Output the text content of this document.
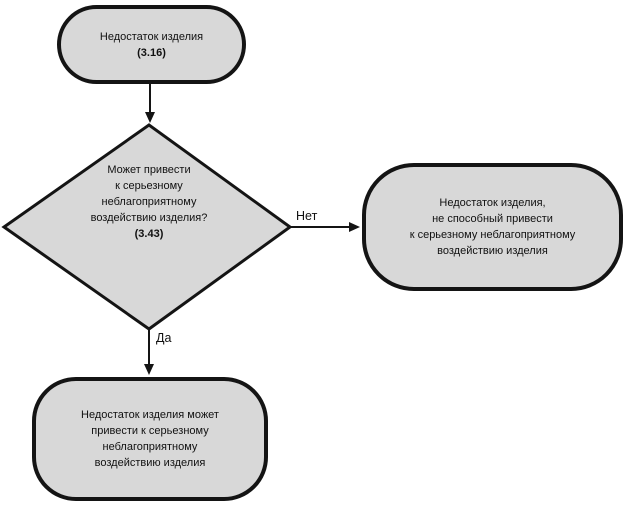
Недостаток изделия
(3.16)
Может привести
к серьезному
неблагоприятному
воздействию изделия?
(3.43)
Недостаток изделия,
не способный привести
к серьезному неблагоприятному
воздействию изделия
Недостаток изделия может
привести к серьезному
неблагоприятному
воздействию изделия
Нет
Да
